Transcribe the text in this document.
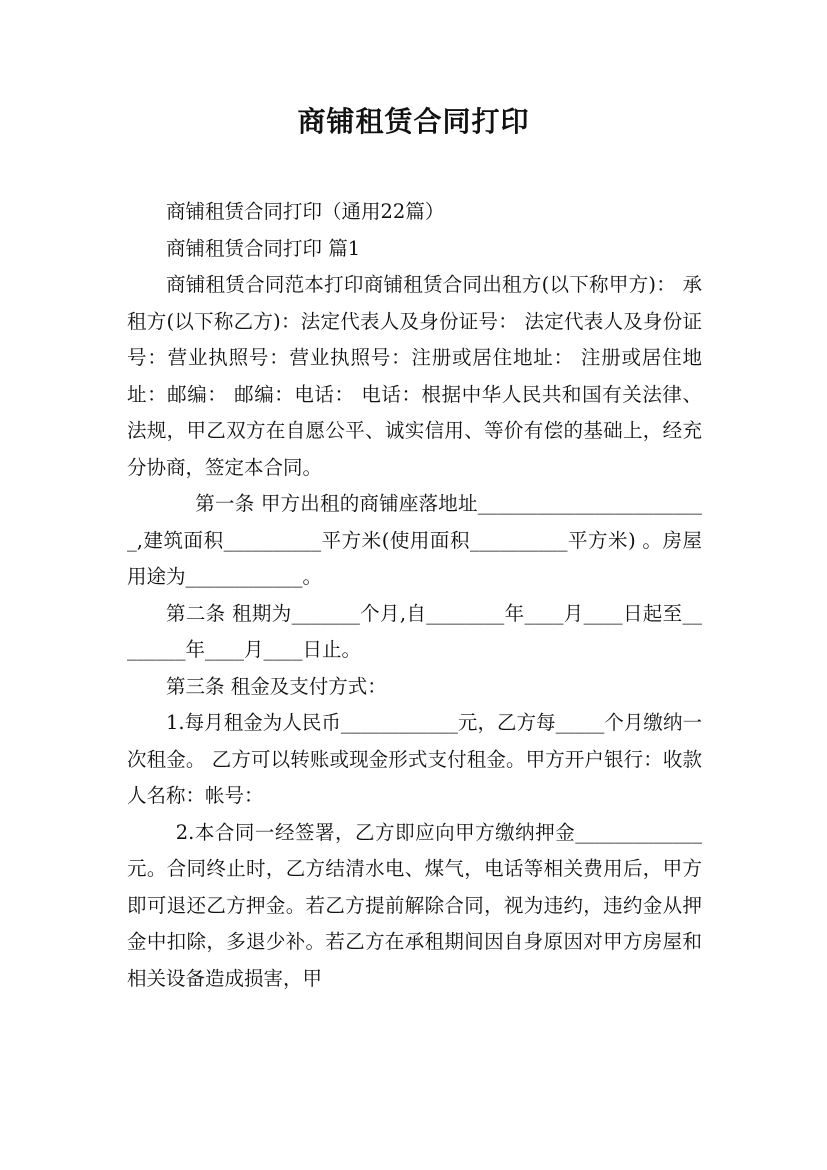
商铺租赁合同打印

商铺租赁合同打印（通用22篇）

商铺租赁合同打印 篇1

商铺租赁合同范本打印商铺租赁合同出租方(以下称甲方)： 承租方(以下称乙方)：法定代表人及身份证号： 法定代表人及身份证号：营业执照号：营业执照号：注册或居住地址： 注册或居住地址：邮编： 邮编：电话： 电话：根据中华人民共和国有关法律、法规，甲乙双方在自愿公平、诚实信用、等价有偿的基础上，经充分协商，签定本合同。

第一条 甲方出租的商铺座落地址________________________,建筑面积__________平方米(使用面积__________平方米) 。房屋用途为____________。

第二条 租期为_______个月,自________年____月____日起至________年____月____日止。

第三条 租金及支付方式：

1.每月租金为人民币____________元，乙方每_____个月缴纳一次租金。 乙方可以转账或现金形式支付租金。甲方开户银行：收款人名称：帐号：

2.本合同一经签署，乙方即应向甲方缴纳押金_____________元。合同终止时，乙方结清水电、煤气，电话等相关费用后，甲方即可退还乙方押金。若乙方提前解除合同，视为违约，违约金从押金中扣除，多退少补。若乙方在承租期间因自身原因对甲方房屋和相关设备造成损害，甲
